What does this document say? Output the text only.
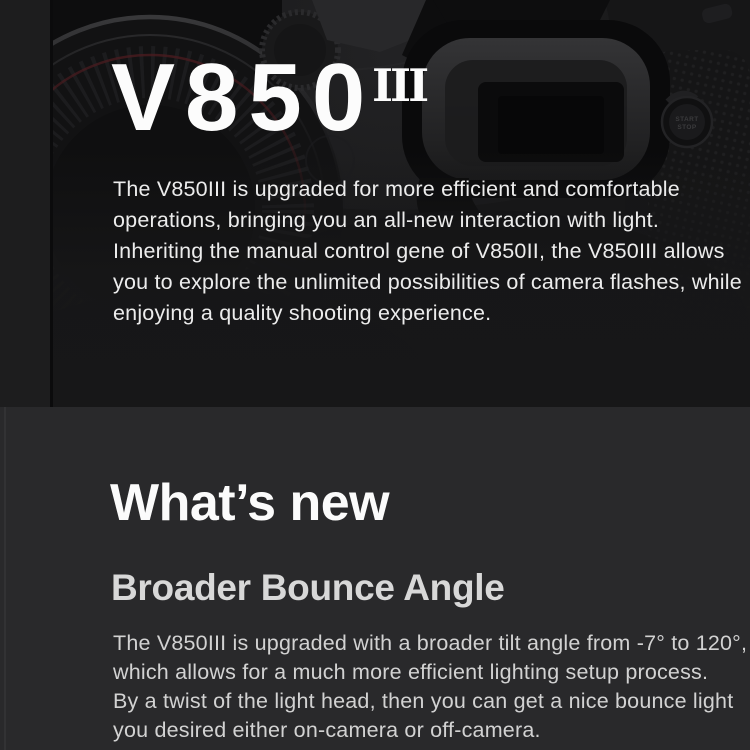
START
STOP
V850
III
The V850III is upgraded for more efficient and comfortable
operations, bringing you an all-new interaction with light.
Inheriting the manual control gene of V850II, the V850III allows
you to explore the unlimited possibilities of camera flashes, while
enjoying a quality shooting experience.
What’s new
Broader Bounce Angle
The V850III is upgraded with a broader tilt angle from -7° to 120°,
which allows for a much more efficient lighting setup process.
By a twist of the light head, then you can get a nice bounce light
you desired either on-camera or off-camera.
